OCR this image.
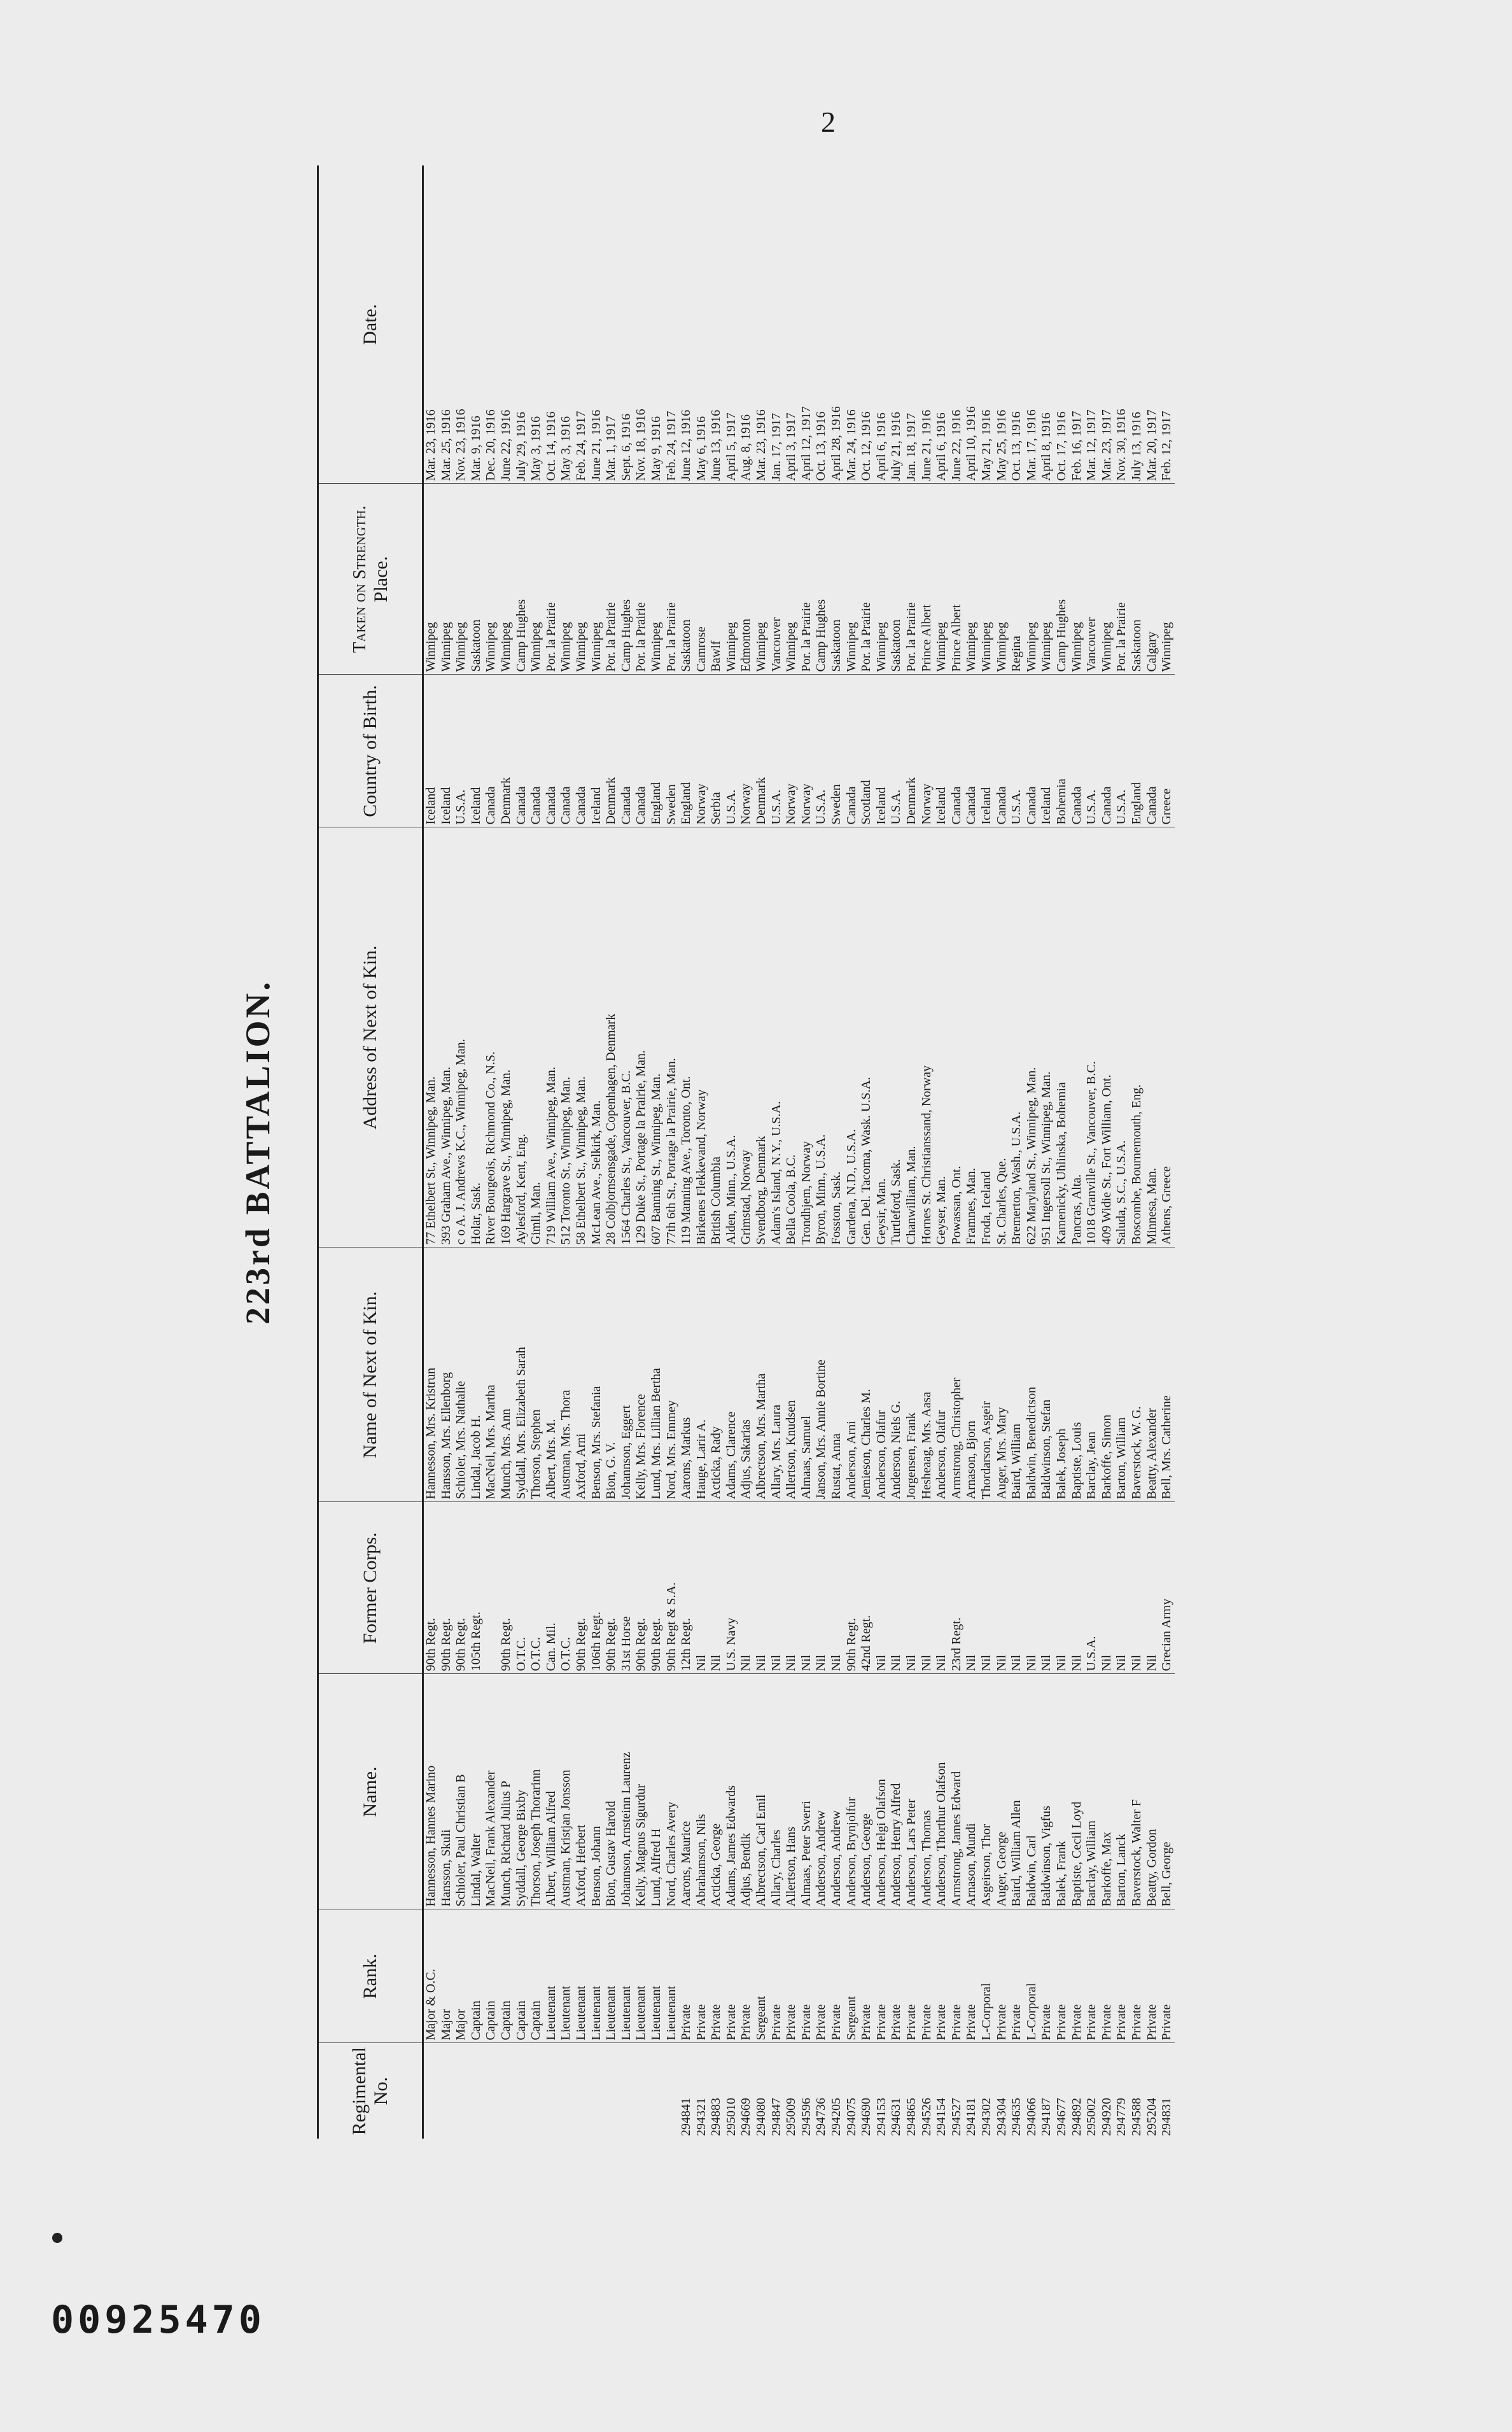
2
00925470
223rd BATTALION.
Regimental No.	Rank.	Name.	Former Corps.	Name of Next of Kin.	Address of Next of Kin.	Country of Birth.	Taken on Strength.
Place.	Date.
	Major & O.C.	Hannesson, Hannes Marino	90th Regt.	Hannesson, Mrs. Kristrun	77 Ethelbert St., Winnipeg, Man.	Iceland	Winnipeg	Mar. 23, 1916
	Major	Hansson, Skuli	90th Regt.	Hansson, Mrs. Ellenborg	393 Graham Ave., Winnipeg, Man.	Iceland	Winnipeg	Mar. 25, 1916
	Major	Schioler, Paul Christian B	90th Regt.	Schioler, Mrs. Nathalie	c o A. J. Andrews K.C., Winnipeg, Man.	U.S.A.	Winnipeg	Nov. 23, 1916
	Captain	Lindal, Walter	105th Regt.	Lindal, Jacob H.	Holar, Sask.	Iceland	Saskatoon	Mar. 9, 1916
	Captain	MacNeil, Frank Alexander		MacNeil, Mrs. Martha	River Bourgeois, Richmond Co., N.S.	Canada	Winnipeg	Dec. 20, 1916
	Captain	Munch, Richard Julius P	90th Regt.	Munch, Mrs. Ann	169 Hargrave St., Winnipeg, Man.	Denmark	Winnipeg	June 22, 1916
	Captain	Syddall, George Bixby	O.T.C.	Syddall, Mrs. Elizabeth Sarah	Aylesford, Kent, Eng.	Canada	Camp Hughes	July 29, 1916
	Captain	Thorson, Joseph Thorarinn	O.T.C.	Thorson, Stephen	Gimli, Man.	Canada	Winnipeg	May 3, 1916
	Lieutenant	Albert, William Alfred	Can. Mil.	Albert, Mrs. M.	719 William Ave., Winnipeg, Man.	Canada	Por. la Prairie	Oct. 14, 1916
	Lieutenant	Austman, Kristjan Jonsson	O.T.C.	Austman, Mrs. Thora	512 Toronto St., Winnipeg, Man.	Canada	Winnipeg	May 3, 1916
	Lieutenant	Axford, Herbert	90th Regt.	Axford, Arni	58 Ethelbert St., Winnipeg, Man.	Canada	Winnipeg	Feb. 24, 1917
	Lieutenant	Benson, Johann	106th Regt.	Benson, Mrs. Stefania	McLean Ave., Selkirk, Man.	Iceland	Winnipeg	June 21, 1916
	Lieutenant	Bion, Gustav Harold	90th Regt.	Bion, G. V.	28 Colbjornsensgade, Copenhagen, Denmark	Denmark	Por. la Prairie	Mar. 1, 1917
	Lieutenant	Johannson, Arnsteinn Laurenz	31st Horse	Johannson, Eggert	1564 Charles St., Vancouver, B.C.	Canada	Camp Hughes	Sept. 6, 1916
	Lieutenant	Kelly, Magnus Sigurdur	90th Regt.	Kelly, Mrs. Florence	129 Duke St., Portage la Prairie, Man.	Canada	Por. la Prairie	Nov. 18, 1916
	Lieutenant	Lund, Alfred H	90th Regt.	Lund, Mrs. Lillian Bertha	607 Banning St., Winnipeg, Man.	England	Winnipeg	May 9, 1916
	Lieutenant	Nord, Charles Avery	90th Regt & S.A.	Nord, Mrs. Emmey	77th 6th St., Portage la Prairie, Man.	Sweden	Por. la Prairie	Feb. 24, 1917
294841	Private	Aarons, Maurice	12th Regt.	Aarons, Markus	119 Manning Ave., Toronto, Ont.	England	Saskatoon	June 12, 1916
294321	Private	Abrahamson, Nils	Nil	Hauge, Larir A.	Birkenes Flekkevand, Norway	Norway	Camrose	May 6, 1916
294883	Private	Acticka, George	Nil	Acticka, Rady	British Columbia	Serbia	Bawlf	June 13, 1916
295010	Private	Adams, James Edwards	U.S. Navy	Adams, Clarence	Alden, Minn., U.S.A.	U.S.A.	Winnipeg	April 5, 1917
294669	Private	Adjus, Bendik	Nil	Adjus, Sakarias	Grimstad, Norway	Norway	Edmonton	Aug. 8, 1916
294080	Sergeant	Albrectson, Carl Emil	Nil	Albrectson, Mrs. Martha	Svendborg, Denmark	Denmark	Winnipeg	Mar. 23, 1916
294847	Private	Allary, Charles	Nil	Allary, Mrs. Laura	Adam's Island, N.Y., U.S.A.	U.S.A.	Vancouver	Jan. 17, 1917
295009	Private	Allertson, Hans	Nil	Allertson, Knudsen	Bella Coola, B.C.	Norway	Winnipeg	April 3, 1917
294596	Private	Almaas, Peter Sverri	Nil	Almaas, Samuel	Trondhjem, Norway	Norway	Por. la Prairie	April 12, 1917
294736	Private	Anderson, Andrew	Nil	Janson, Mrs. Annie Bortine	Byron, Minn., U.S.A.	U.S.A.	Camp Hughes	Oct. 13, 1916
294205	Private	Anderson, Andrew	Nil	Rustat, Anna	Fosston, Sask.	Sweden	Saskatoon	April 28, 1916
294075	Sergeant	Anderson, Brynjolfur	90th Regt.	Anderson, Arni	Gardena, N.D., U.S.A.	Canada	Winnipeg	Mar. 24, 1916
294690	Private	Anderson, George	42nd Regt.	Jemieson, Charles M.	Gen. Del. Tacoma, Wask. U.S.A.	Scotland	Por. la Prairie	Oct. 12, 1916
294153	Private	Anderson, Helgi Olafson	Nil	Anderson, Olafur	Geysir, Man.	Iceland	Winnipeg	April 6, 1916
294631	Private	Anderson, Henry Alfred	Nil	Anderson, Niels G.	Turtleford, Sask.	U.S.A.	Saskatoon	July 21, 1916
294865	Private	Anderson, Lars Peter	Nil	Jorgensen, Frank	Chanwilliam, Man.	Denmark	Por. la Prairie	Jan. 18, 1917
294526	Private	Anderson, Thomas	Nil	Hesheaag, Mrs. Aasa	Hornes St. Christianssand, Norway	Norway	Prince Albert	June 21, 1916
294154	Private	Anderson, Thorthur Olafson	Nil	Anderson, Olafur	Geyser, Man.	Iceland	Winnipeg	April 6, 1916
294527	Private	Armstrong, James Edward	23rd Regt.	Armstrong, Christopher	Powassan, Ont.	Canada	Prince Albert	June 22, 1916
294181	Private	Arnason, Mundi	Nil	Arnason, Bjorn	Framnes, Man.	Canada	Winnipeg	April 10, 1916
294302	L-Corporal	Asgeirson, Thor	Nil	Thordarson, Asgeir	Froda, Iceland	Iceland	Winnipeg	May 21, 1916
294304	Private	Auger, George	Nil	Auger, Mrs. Mary	St. Charles, Que.	Canada	Winnipeg	May 25, 1916
294635	Private	Baird, William Allen	Nil	Baird, William	Bremerton, Wash., U.S.A.	U.S.A.	Regina	Oct. 13, 1916
294066	L-Corporal	Baldwin, Carl	Nil	Baldwin, Benedictson	622 Maryland St., Winnipeg, Man.	Canada	Winnipeg	Mar. 17, 1916
294187	Private	Baldwinson, Vigfus	Nil	Baldwinson, Stefan	951 Ingersoll St., Winnipeg, Man.	Iceland	Winnipeg	April 8, 1916
294677	Private	Balek, Frank	Nil	Balek, Joseph	Kamenicky, Uhlinska, Bohemia	Bohemia	Camp Hughes	Oct. 17, 1916
294892	Private	Baptiste, Cecil Loyd	Nil	Baptiste, Louis	Pancras, Alta.	Canada	Winnipeg	Feb. 16, 1917
295002	Private	Barclay, William	U.S.A.	Barclay, Jean	1018 Granville St., Vancouver, B.C.	U.S.A.	Vancouver	Mar. 12, 1917
294920	Private	Barkoffe, Max	Nil	Barkoffe, Simon	409 Widie St., Fort William, Ont.	Canada	Winnipeg	Mar. 23, 1917
294779	Private	Barton, Lanck	Nil	Barton, William	Saluda, S.C., U.S.A.	U.S.A.	Por. la Prairie	Nov. 30, 1916
294588	Private	Baverstock, Walter F	Nil	Baverstock, W. G.	Boscombe, Bournemouth, Eng.	England	Saskatoon	July 13, 1916
295204	Private	Beatty, Gordon	Nil	Beatty, Alexander	Minnesa, Man.	Canada	Calgary	Mar. 20, 1917
294831	Private	Bell, George	Grecian Army	Bell, Mrs. Catherine	Athens, Greece	Greece	Winnipeg	Feb. 12, 1917
